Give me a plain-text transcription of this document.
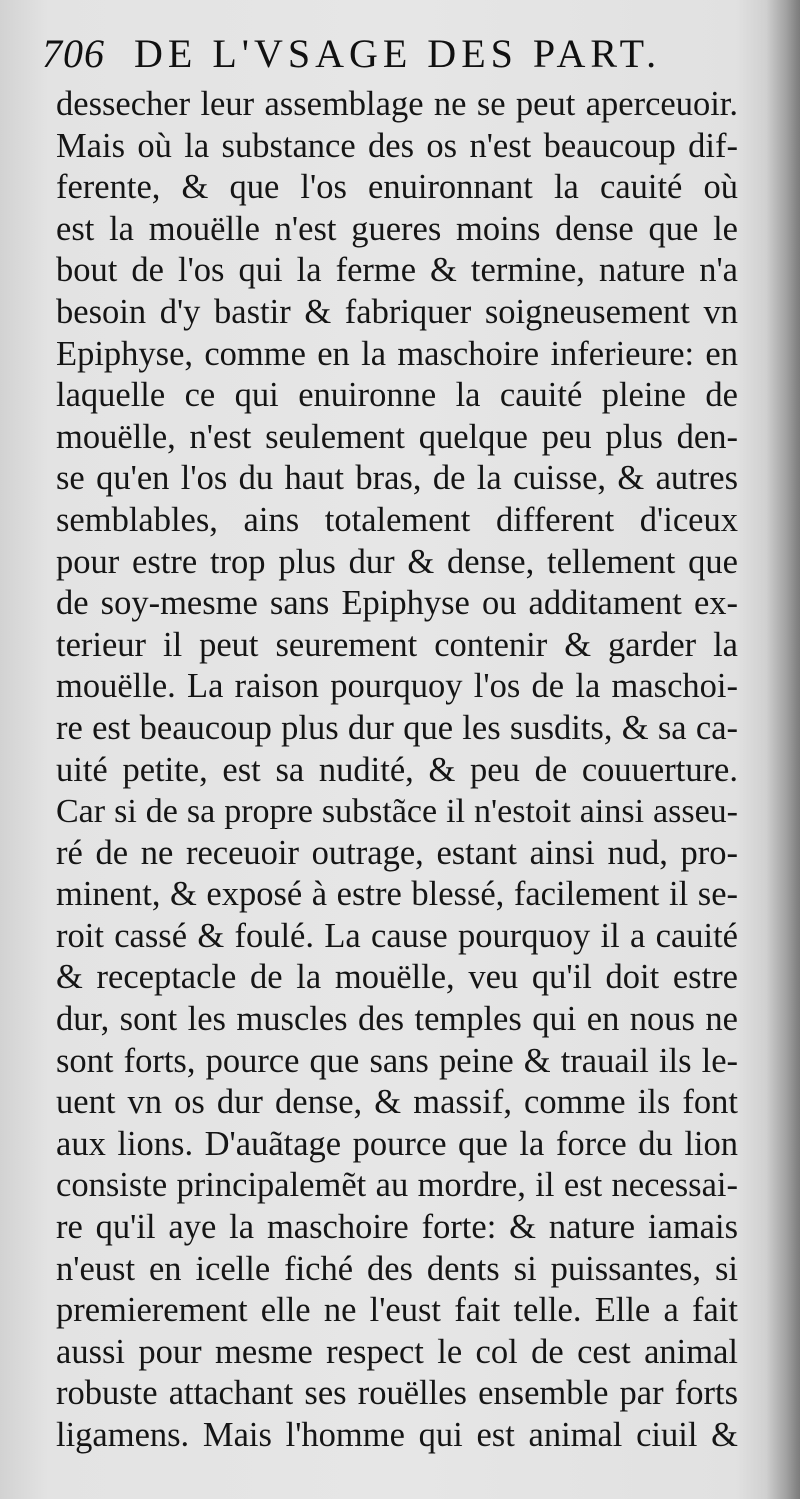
706 DE L'VSAGE DES PART.
dessecher leur assemblage ne se peut aperceuoir.
Mais où la substance des os n'est beaucoup dif-
ferente, & que l'os enuironnant la cauité où
est la mouëlle n'est gueres moins dense que le
bout de l'os qui la ferme & termine, nature n'a
besoin d'y bastir & fabriquer soigneusement vn
Epiphyse, comme en la maschoire inferieure: en
laquelle ce qui enuironne la cauité pleine de
mouëlle, n'est seulement quelque peu plus den-
se qu'en l'os du haut bras, de la cuisse, & autres
semblables, ains totalement different d'iceux
pour estre trop plus dur & dense, tellement que
de soy-mesme sans Epiphyse ou additament ex-
terieur il peut seurement contenir & garder la
mouëlle. La raison pourquoy l'os de la maschoi-
re est beaucoup plus dur que les susdits, & sa ca-
uité petite, est sa nudité, & peu de couuerture.
Car si de sa propre substãce il n'estoit ainsi asseu-
ré de ne receuoir outrage, estant ainsi nud, pro-
minent, & exposé à estre blessé, facilement il se-
roit cassé & foulé. La cause pourquoy il a cauité
& receptacle de la mouëlle, veu qu'il doit estre
dur, sont les muscles des temples qui en nous ne
sont forts, pource que sans peine & trauail ils le-
uent vn os dur dense, & massif, comme ils font
aux lions. D'auãtage pource que la force du lion
consiste principalemẽt au mordre, il est necessai-
re qu'il aye la maschoire forte: & nature iamais
n'eust en icelle fiché des dents si puissantes, si
premierement elle ne l'eust fait telle. Elle a fait
aussi pour mesme respect le col de cest animal
robuste attachant ses rouëlles ensemble par forts
ligamens. Mais l'homme qui est animal ciuil &
